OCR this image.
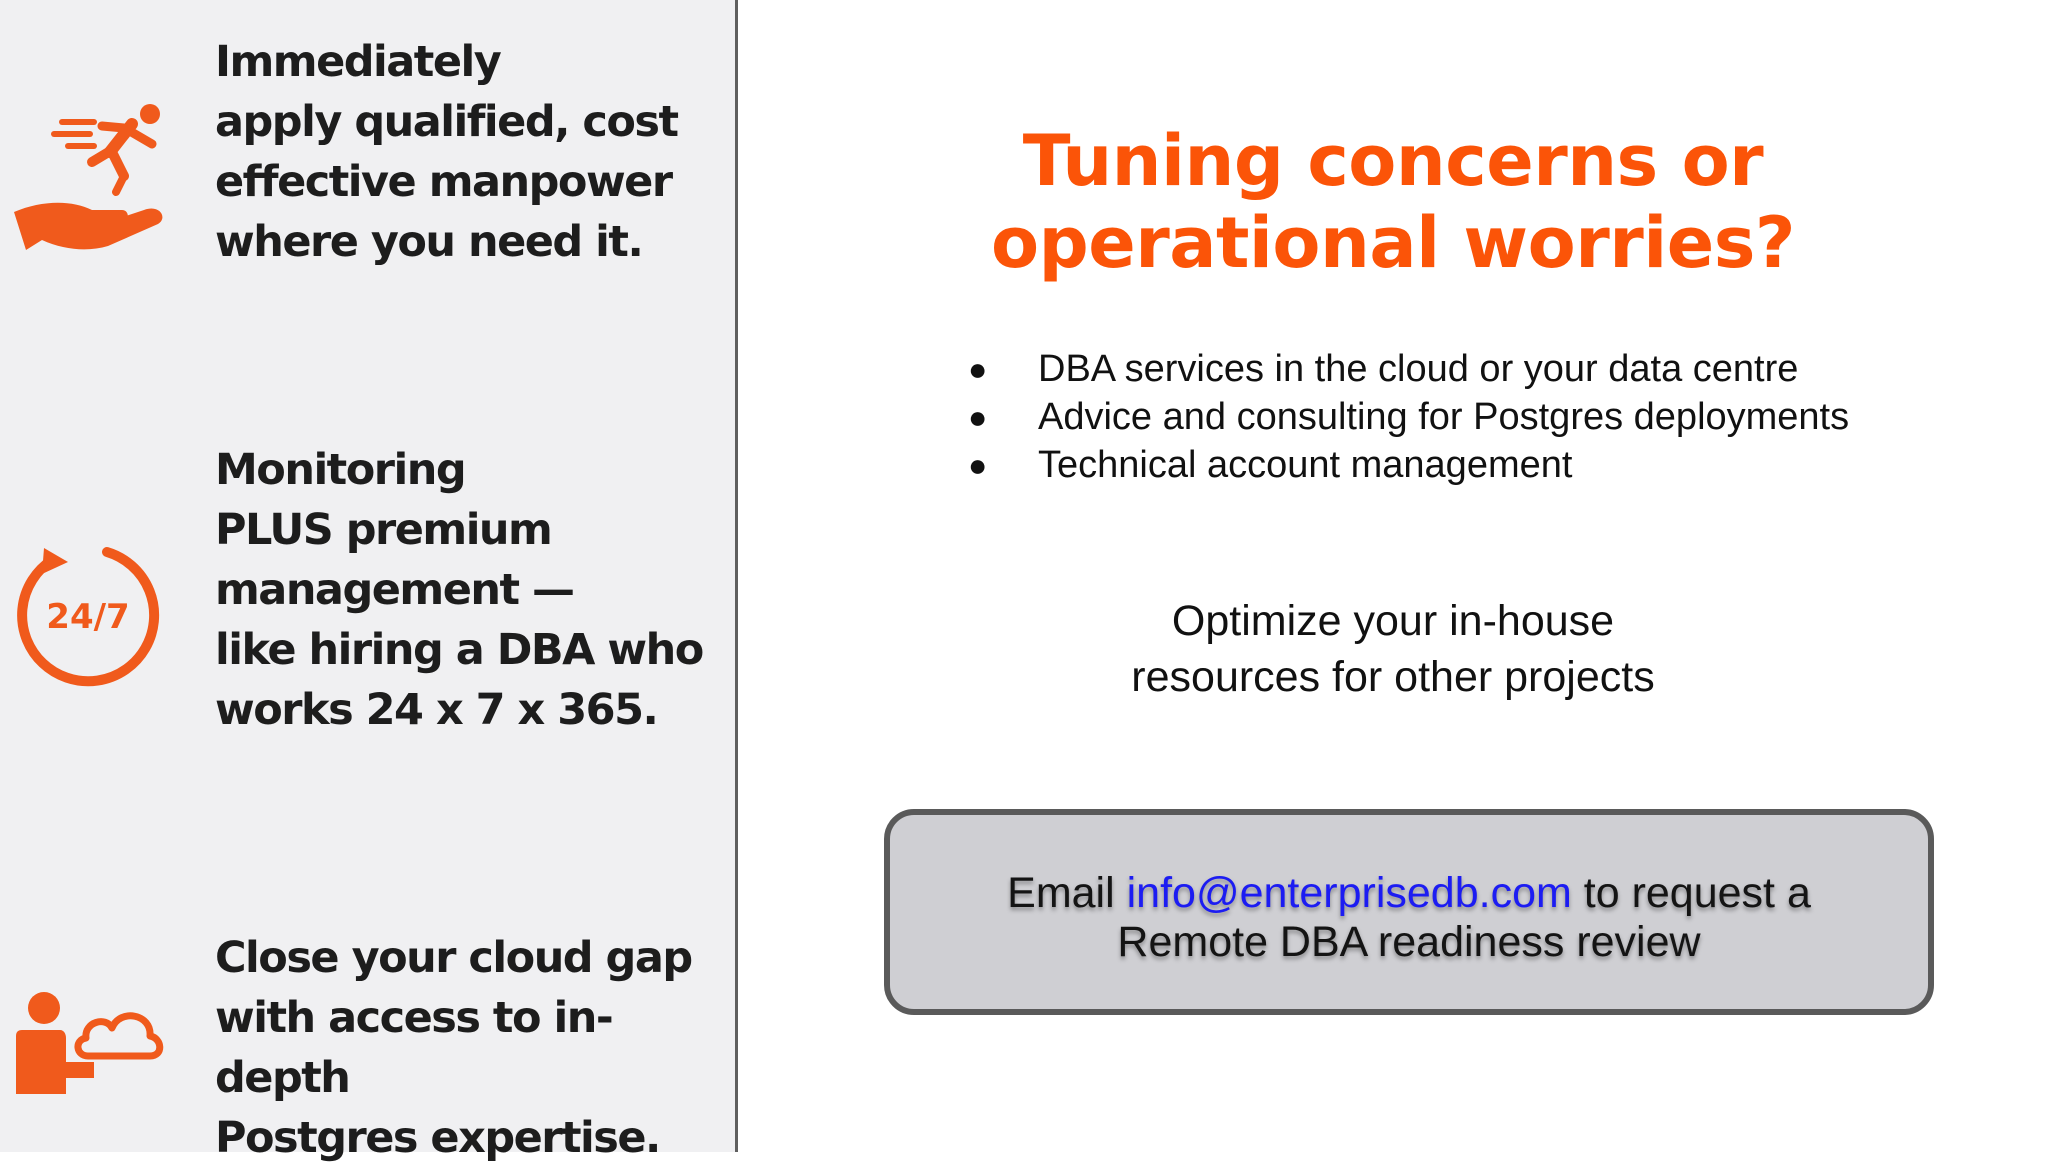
Immediately
apply qualified, cost
effective manpower
where you need it.

24/7

Monitoring
PLUS premium
management —
like hiring a DBA who
works 24 x 7 x 365.

Close your cloud gap
with access to in-depth
Postgres expertise.

Tuning concerns or
operational worries?
● DBA services in the cloud or your data centre
● Advice and consulting for Postgres deployments
● Technical account management

Optimize your in-house
resources for other projects

Email info@enterprisedb.com to request a
Remote DBA readiness review
